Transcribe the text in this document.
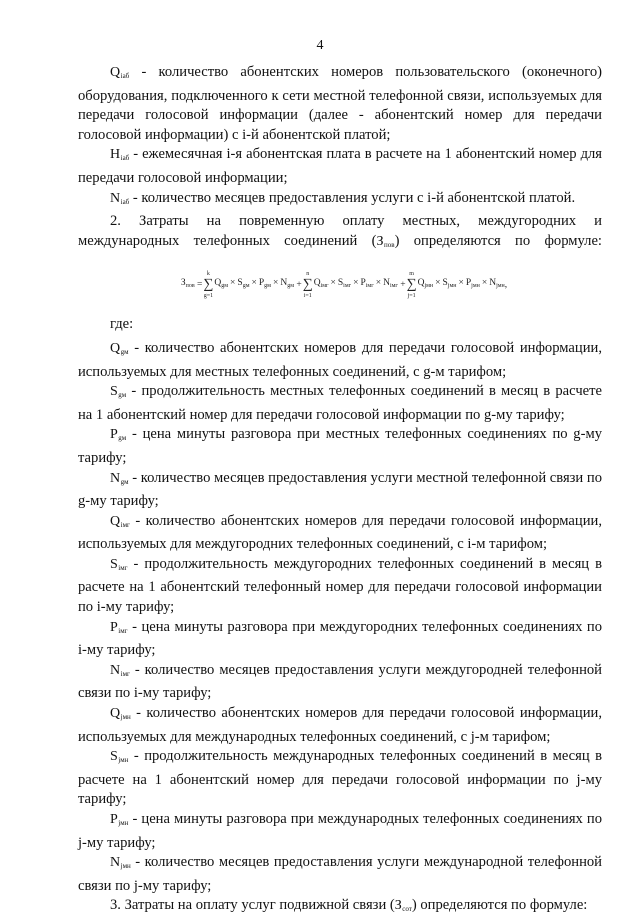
4

$Q_{iаб}$ - количество абонентских номеров пользовательского (оконечного) оборудования, подключенного к сети местной телефонной связи, используемых для передачи голосовой информации (далее - абонентский номер для передачи голосовой информации) с i-й абонентской платой;

$H_{iаб}$ - ежемесячная i-я абонентская плата в расчете на 1 абонентский номер для передачи голосовой информации;

$N_{iаб}$ - количество месяцев предоставления услуги с i-й абонентской платой.

2. Затраты на повременную оплату местных, междугородних и международных телефонных соединений $(З_{пов})$ определяются по формуле:

$З_{пов}$
=
k
∑
g=1
$Q_{gм} \times S_{gм} \times P_{gм} \times N_{gм}$
+
n
∑
i=1
$Q_{iмг} \times S_{iмг} \times P_{iмг} \times N_{iмг}$
+
m
∑
j=1
$Q_{jмн} \times S_{jмн} \times P_{jмн} \times N_{jмн}$ ,

где:

$Q_{gм}$ - количество абонентских номеров для передачи голосовой информации, используемых для местных телефонных соединений, с g-м тарифом;

$S_{gм}$ - продолжительность местных телефонных соединений в месяц в расчете на 1 абонентский номер для передачи голосовой информации по g-му тарифу;

$P_{gм}$ - цена минуты разговора при местных телефонных соединениях по g-му тарифу;

$N_{gм}$ - количество месяцев предоставления услуги местной телефонной связи по g-му тарифу;

$Q_{iмг}$ - количество абонентских номеров для передачи голосовой информации, используемых для междугородних телефонных соединений, с i-м тарифом;

$S_{iмг}$ - продолжительность междугородних телефонных соединений в месяц в расчете на 1 абонентский телефонный номер для передачи голосовой информации по i-му тарифу;

$P_{iмг}$ - цена минуты разговора при междугородних телефонных соединениях по i-му тарифу;

$N_{iмг}$ - количество месяцев предоставления услуги междугородней телефонной связи по i-му тарифу;

$Q_{jмн}$ - количество абонентских номеров для передачи голосовой информации, используемых для международных телефонных соединений, с j-м тарифом;

$S_{jмн}$ - продолжительность международных телефонных соединений в месяц в расчете на 1 абонентский номер для передачи голосовой информации по j-му тарифу;

$P_{jмн}$ - цена минуты разговора при международных телефонных соединениях по j-му тарифу;

$N_{jмн}$ - количество месяцев предоставления услуги международной телефонной связи по j-му тарифу;

3. Затраты на оплату услуг подвижной связи $(З_{сот})$ определяются по формуле:
